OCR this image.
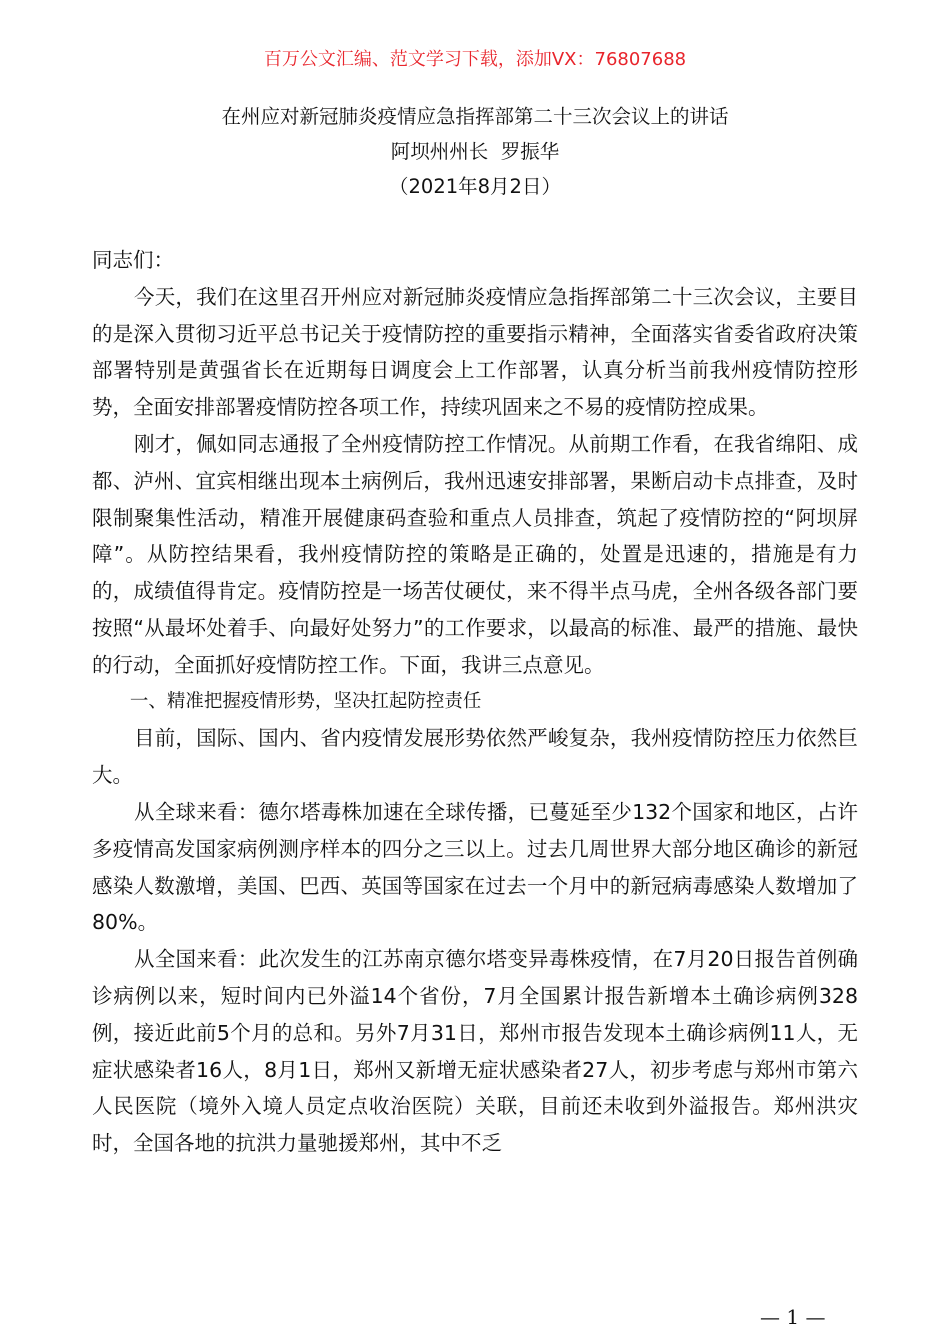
百万公文汇编、范文学习下载，添加VX：76807688
在州应对新冠肺炎疫情应急指挥部第二十三次会议上的讲话
阿坝州州长  罗振华
（2021年8月2日）

同志们：

今天，我们在这里召开州应对新冠肺炎疫情应急指挥部第二十三次会议，主要目的是深入贯彻习近平总书记关于疫情防控的重要指示精神，全面落实省委省政府决策部署特别是黄强省长在近期每日调度会上工作部署，认真分析当前我州疫情防控形势，全面安排部署疫情防控各项工作，持续巩固来之不易的疫情防控成果。

刚才，佩如同志通报了全州疫情防控工作情况。从前期工作看，在我省绵阳、成都、泸州、宜宾相继出现本土病例后，我州迅速安排部署，果断启动卡点排查，及时限制聚集性活动，精准开展健康码查验和重点人员排查，筑起了疫情防控的“阿坝屏障”。从防控结果看，我州疫情防控的策略是正确的，处置是迅速的，措施是有力的，成绩值得肯定。疫情防控是一场苦仗硬仗，来不得半点马虎，全州各级各部门要按照“从最坏处着手、向最好处努力”的工作要求，以最高的标准、最严的措施、最快的行动，全面抓好疫情防控工作。下面，我讲三点意见。

一、精准把握疫情形势，坚决扛起防控责任

目前，国际、国内、省内疫情发展形势依然严峻复杂，我州疫情防控压力依然巨大。

从全球来看：德尔塔毒株加速在全球传播，已蔓延至少132个国家和地区，占许多疫情高发国家病例测序样本的四分之三以上。过去几周世界大部分地区确诊的新冠感染人数激增，美国、巴西、英国等国家在过去一个月中的新冠病毒感染人数增加了80%。

从全国来看：此次发生的江苏南京德尔塔变异毒株疫情，在7月20日报告首例确诊病例以来，短时间内已外溢14个省份，7月全国累计报告新增本土确诊病例328例，接近此前5个月的总和。另外7月31日，郑州市报告发现本土确诊病例11人，无症状感染者16人，8月1日，郑州又新增无症状感染者27人，初步考虑与郑州市第六人民医院（境外入境人员定点收治医院）关联，目前还未收到外溢报告。郑州洪灾时，全国各地的抗洪力量驰援郑州，其中不乏

— 1 —
